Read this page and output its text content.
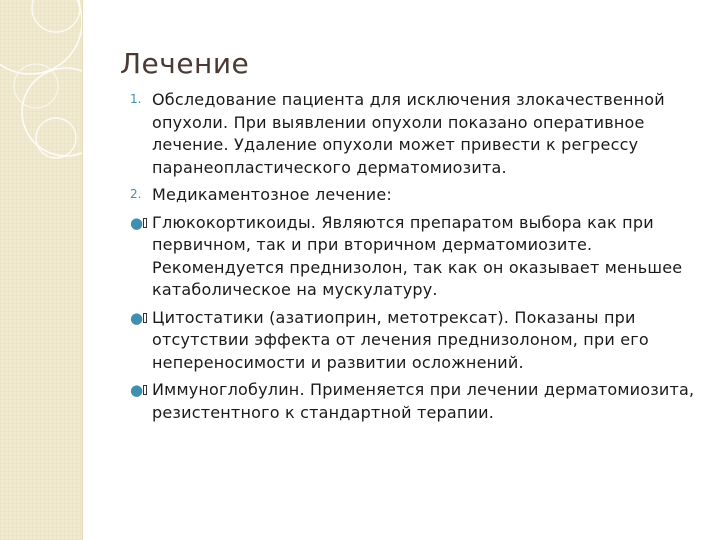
Лечение
1. Обследование пациента для исключения злокачественной опухоли. При выявлении опухоли показано оперативное лечение. Удаление опухоли может привести к регрессу паранеопластического дерматомиозита.
2. Медикаментозное лечение:
● Глюкокортикоиды. Являются препаратом выбора как при первичном, так и при вторичном дерматомиозите. Рекомендуется преднизолон, так как он оказывает меньшее катаболическое на мускулатуру.
● Цитостатики (азатиоприн, метотрексат). Показаны при отсутствии эффекта от лечения преднизолоном, при его непереносимости и развитии осложнений.
● Иммуноглобулин. Применяется при лечении дерматомиозита, резистентного к стандартной терапии.
